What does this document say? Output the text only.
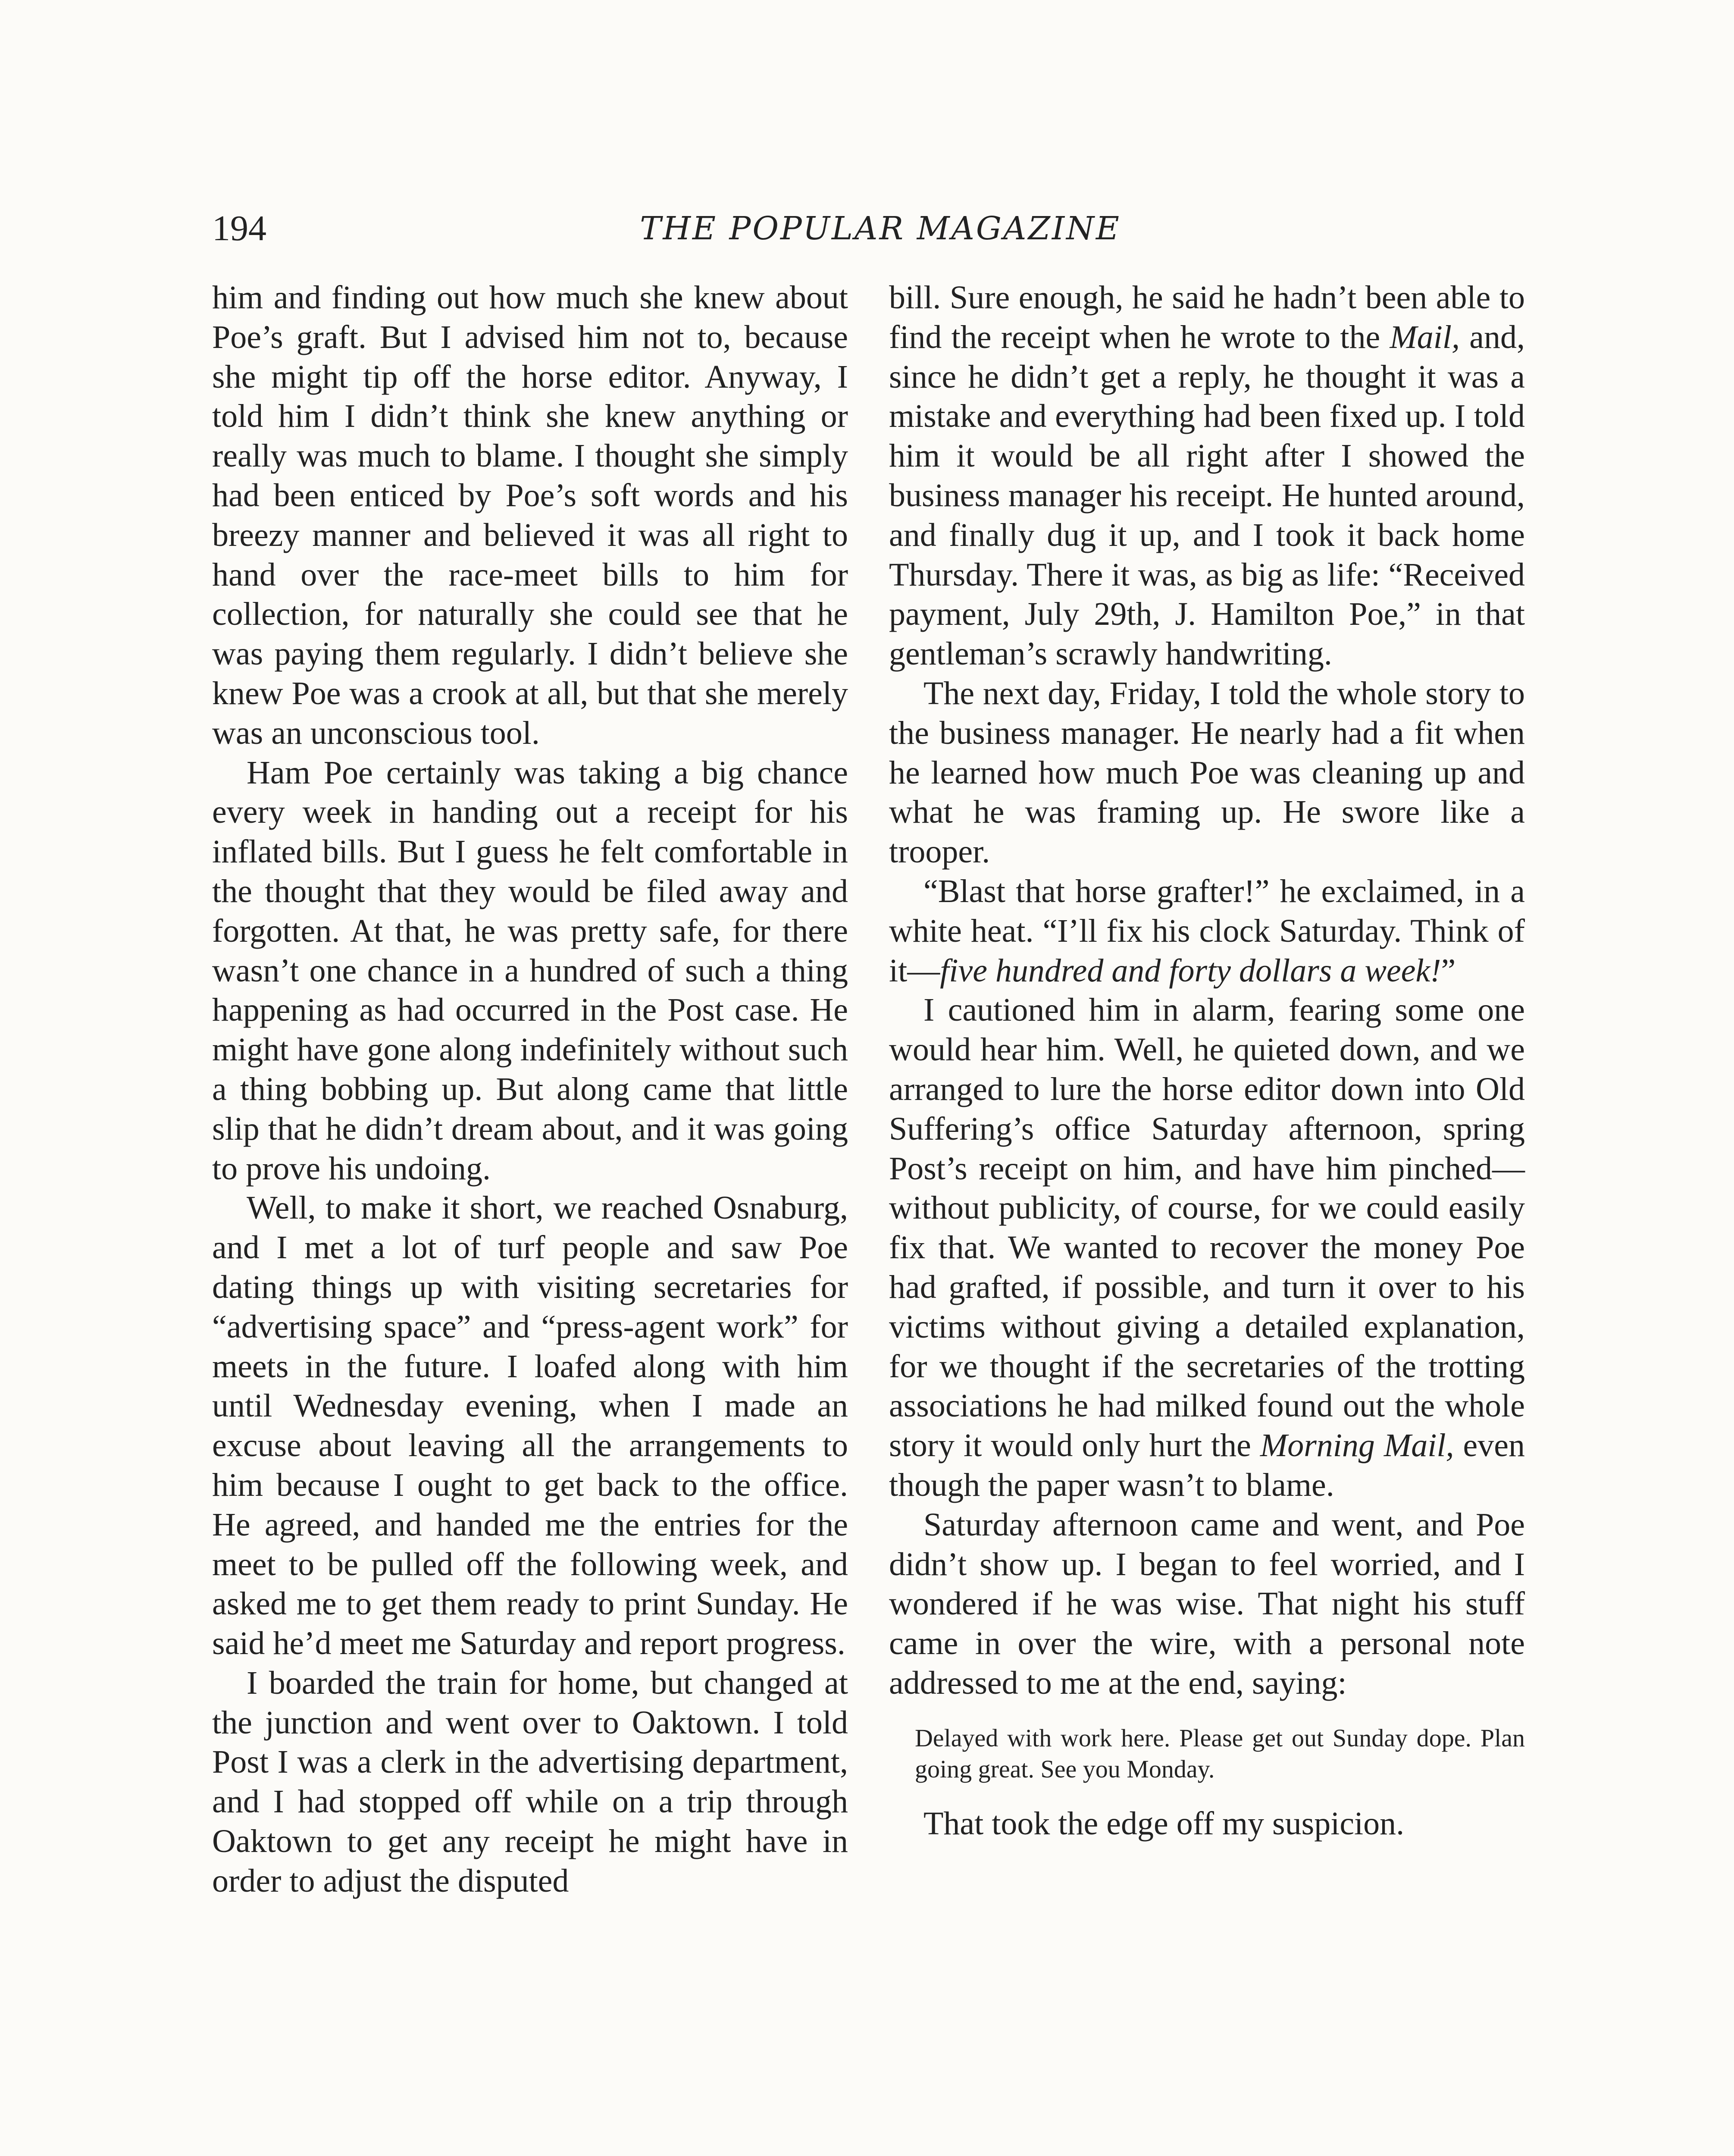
194	THE POPULAR MAGAZINE

him and finding out how much she knew about Poe’s graft. But I advised him not to, because she might tip off the horse editor. Anyway, I told him I didn’t think she knew anything or really was much to blame. I thought she simply had been enticed by Poe’s soft words and his breezy manner and believed it was all right to hand over the race-meet bills to him for collection, for naturally she could see that he was paying them regularly. I didn’t believe she knew Poe was a crook at all, but that she merely was an unconscious tool.

Ham Poe certainly was taking a big chance every week in handing out a receipt for his inflated bills. But I guess he felt comfortable in the thought that they would be filed away and forgotten. At that, he was pretty safe, for there wasn’t one chance in a hundred of such a thing happening as had occurred in the Post case. He might have gone along indefinitely without such a thing bobbing up. But along came that little slip that he didn’t dream about, and it was going to prove his undoing.

Well, to make it short, we reached Osnaburg, and I met a lot of turf people and saw Poe dating things up with visiting secretaries for “advertising space” and “press-agent work” for meets in the future. I loafed along with him until Wednesday evening, when I made an excuse about leaving all the arrangements to him because I ought to get back to the office. He agreed, and handed me the entries for the meet to be pulled off the following week, and asked me to get them ready to print Sunday. He said he’d meet me Saturday and report progress.

I boarded the train for home, but changed at the junction and went over to Oaktown. I told Post I was a clerk in the advertising department, and I had stopped off while on a trip through Oaktown to get any receipt he might have in order to adjust the disputed

bill. Sure enough, he said he hadn’t been able to find the receipt when he wrote to the Mail, and, since he didn’t get a reply, he thought it was a mistake and everything had been fixed up. I told him it would be all right after I showed the business manager his receipt. He hunted around, and finally dug it up, and I took it back home Thursday. There it was, as big as life: “Received payment, July 29th, J. Hamilton Poe,” in that gentleman’s scrawly handwriting.

The next day, Friday, I told the whole story to the business manager. He nearly had a fit when he learned how much Poe was cleaning up and what he was framing up. He swore like a trooper.

“Blast that horse grafter!” he exclaimed, in a white heat. “I’ll fix his clock Saturday. Think of it—five hundred and forty dollars a week!”

I cautioned him in alarm, fearing some one would hear him. Well, he quieted down, and we arranged to lure the horse editor down into Old Suffering’s office Saturday afternoon, spring Post’s receipt on him, and have him pinched—without publicity, of course, for we could easily fix that. We wanted to recover the money Poe had grafted, if possible, and turn it over to his victims without giving a detailed explanation, for we thought if the secretaries of the trotting associations he had milked found out the whole story it would only hurt the Morning Mail, even though the paper wasn’t to blame.

Saturday afternoon came and went, and Poe didn’t show up. I began to feel worried, and I wondered if he was wise. That night his stuff came in over the wire, with a personal note addressed to me at the end, saying:

Delayed with work here. Please get out Sunday dope. Plan going great. See you Monday.

That took the edge off my suspicion.
